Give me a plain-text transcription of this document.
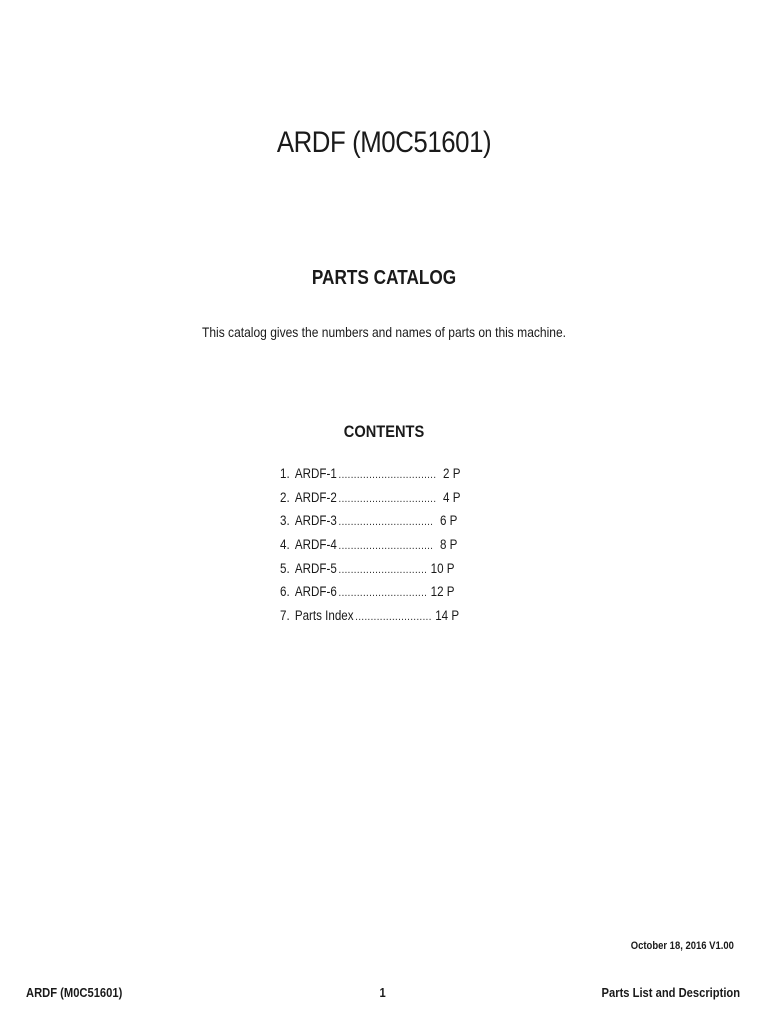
ARDF (M0C51601)
PARTS CATALOG

This catalog gives the numbers and names of parts on this machine.

CONTENTS
1. ARDF-1 ................................ 2 P
2. ARDF-2 ................................ 4 P
3. ARDF-3 ............................... 6 P
4. ARDF-4 ............................... 8 P
5. ARDF-5 ............................. 10 P
6. ARDF-6 ............................. 12 P
7. Parts Index ......................... 14 P

October 18, 2016 V1.00

ARDF (M0C51601)	1	Parts List and Description
